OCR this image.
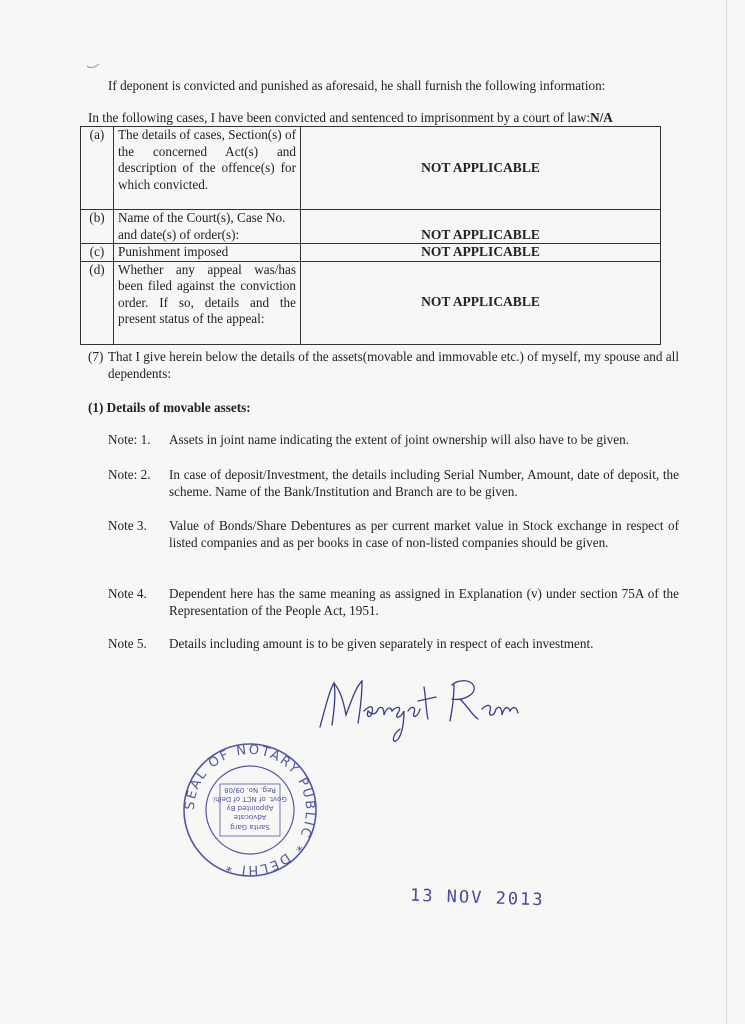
If deponent is convicted and punished as aforesaid, he shall furnish the following information:
In the following cases, I have been convicted and sentenced to imprisonment by a court of law:N/A
(a)	The details of cases, Section(s) of the concerned Act(s) and description of the offence(s) for which convicted.	NOT APPLICABLE
(b)	Name of the Court(s), Case No. and date(s) of order(s):	NOT APPLICABLE
(c)	Punishment imposed	NOT APPLICABLE
(d)	Whether any appeal was/has been filed against the conviction order. If so, details and the present status of the appeal:	NOT APPLICABLE
(7) That I give herein below the details of the assets(movable and immovable etc.) of myself, my spouse and all dependents:
(1) Details of movable assets:
Note: 1. Assets in joint name indicating the extent of joint ownership will also have to be given.
Note: 2. In case of deposit/Investment, the details including Serial Number, Amount, date of deposit, the scheme. Name of the Bank/Institution and Branch are to be given.
Note 3. Value of Bonds/Share Debentures as per current market value in Stock exchange in respect of listed companies and as per books in case of non-listed companies should be given.
Note 4. Dependent here has the same meaning as assigned in Explanation (v) under section 75A of the Representation of the People Act, 1951.
Note 5. Details including amount is to be given separately in respect of each investment.
SEAL OF NOTARY PUBLIC * DELHI *
Sarita Garg
Advocate
Appointed By
Govt. of NCT of Delhi
Reg. No. 09/08
13 NOV 2013
